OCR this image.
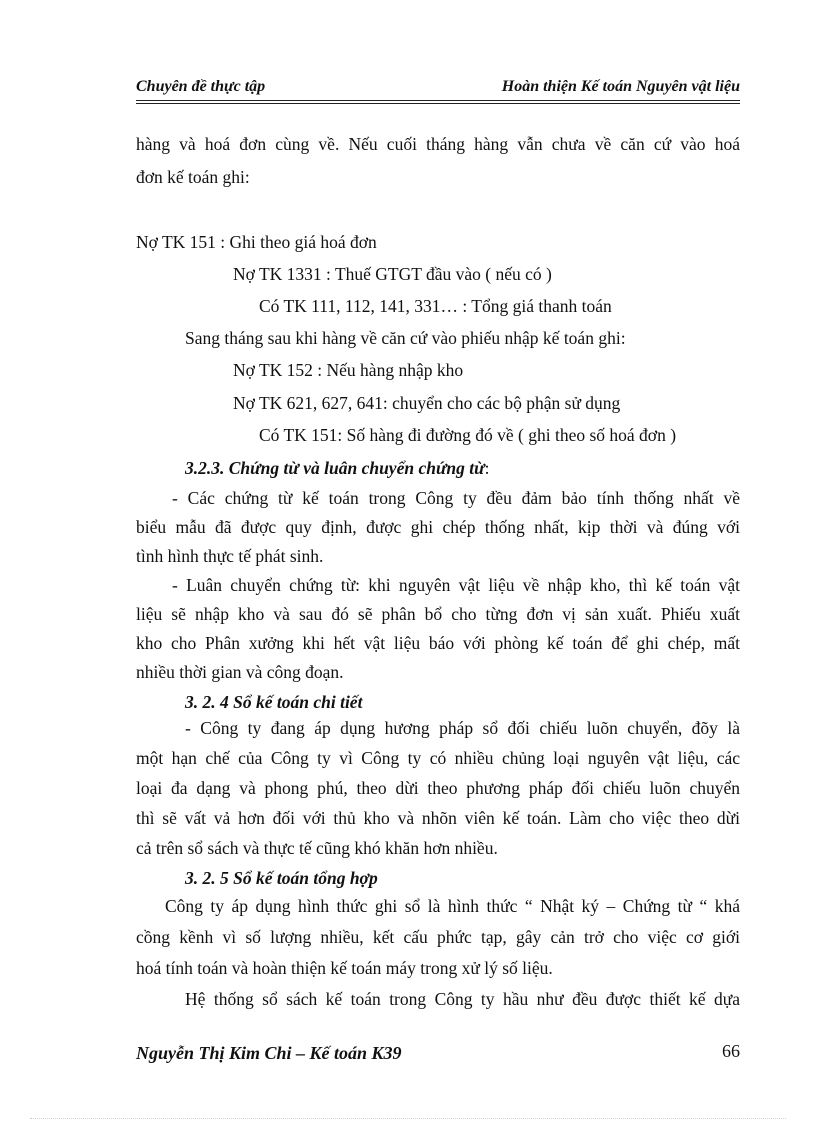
Chuyên đề thực tập	Hoàn thiện Kế toán Nguyên vật liệu
hàng và hoá đơn cùng về. Nếu cuối tháng hàng vẫn chưa về căn cứ vào hoá
đơn kế toán ghi:
Nợ TK 151 : Ghi theo giá hoá đơn
Nợ TK 1331 : Thuế GTGT đầu vào ( nếu có )
Có TK 111, 112, 141, 331… : Tổng giá thanh toán
Sang tháng sau khi hàng về căn cứ vào phiếu nhập kế toán ghi:
Nợ TK 152 : Nếu hàng nhập kho
Nợ TK 621, 627, 641: chuyển cho các bộ phận sử dụng
Có TK 151: Số hàng đi đường đó về ( ghi theo số hoá đơn )
3.2.3. Chứng từ và luân chuyển chứng từ:
- Các chứng từ kế toán trong Công ty đều đảm bảo tính thống nhất về
biểu mẫu đã được quy định, được ghi chép thống nhất, kịp thời và đúng với
tình hình thực tế phát sinh.
- Luân chuyển chứng từ: khi nguyên vật liệu về nhập kho, thì kế toán vật
liệu sẽ nhập kho và sau đó sẽ phân bổ cho từng đơn vị sản xuất. Phiếu xuất
kho cho Phân xưởng khi hết vật liệu báo với phòng kế toán để ghi chép, mất
nhiều thời gian và công đoạn.
3. 2. 4 Sổ kế toán chi tiết
- Công ty đang áp dụng hương pháp sổ đối chiếu luõn chuyển, đõy là
một hạn chế của Công ty vì Công ty có nhiều chủng loại nguyên vật liệu, các
loại đa dạng và phong phú, theo dừi theo phương pháp đối chiếu luõn chuyển
thì sẽ vất vả hơn đối với thủ kho và nhõn viên kế toán. Làm cho việc theo dừi
cả trên sổ sách và thực tế cũng khó khăn hơn nhiều.
3. 2. 5 Sổ kế toán tổng hợp
Công ty áp dụng hình thức ghi sổ là hình thức “ Nhật ký – Chứng từ “ khá
cồng kềnh vì số lượng nhiều, kết cấu phức tạp, gây cản trở cho việc cơ giới
hoá tính toán và hoàn thiện kế toán máy trong xử lý số liệu.
Hệ thống sổ sách kế toán trong Công ty hầu như đều được thiết kế dựa
Nguyễn Thị Kim Chi – Kế toán K39	66
